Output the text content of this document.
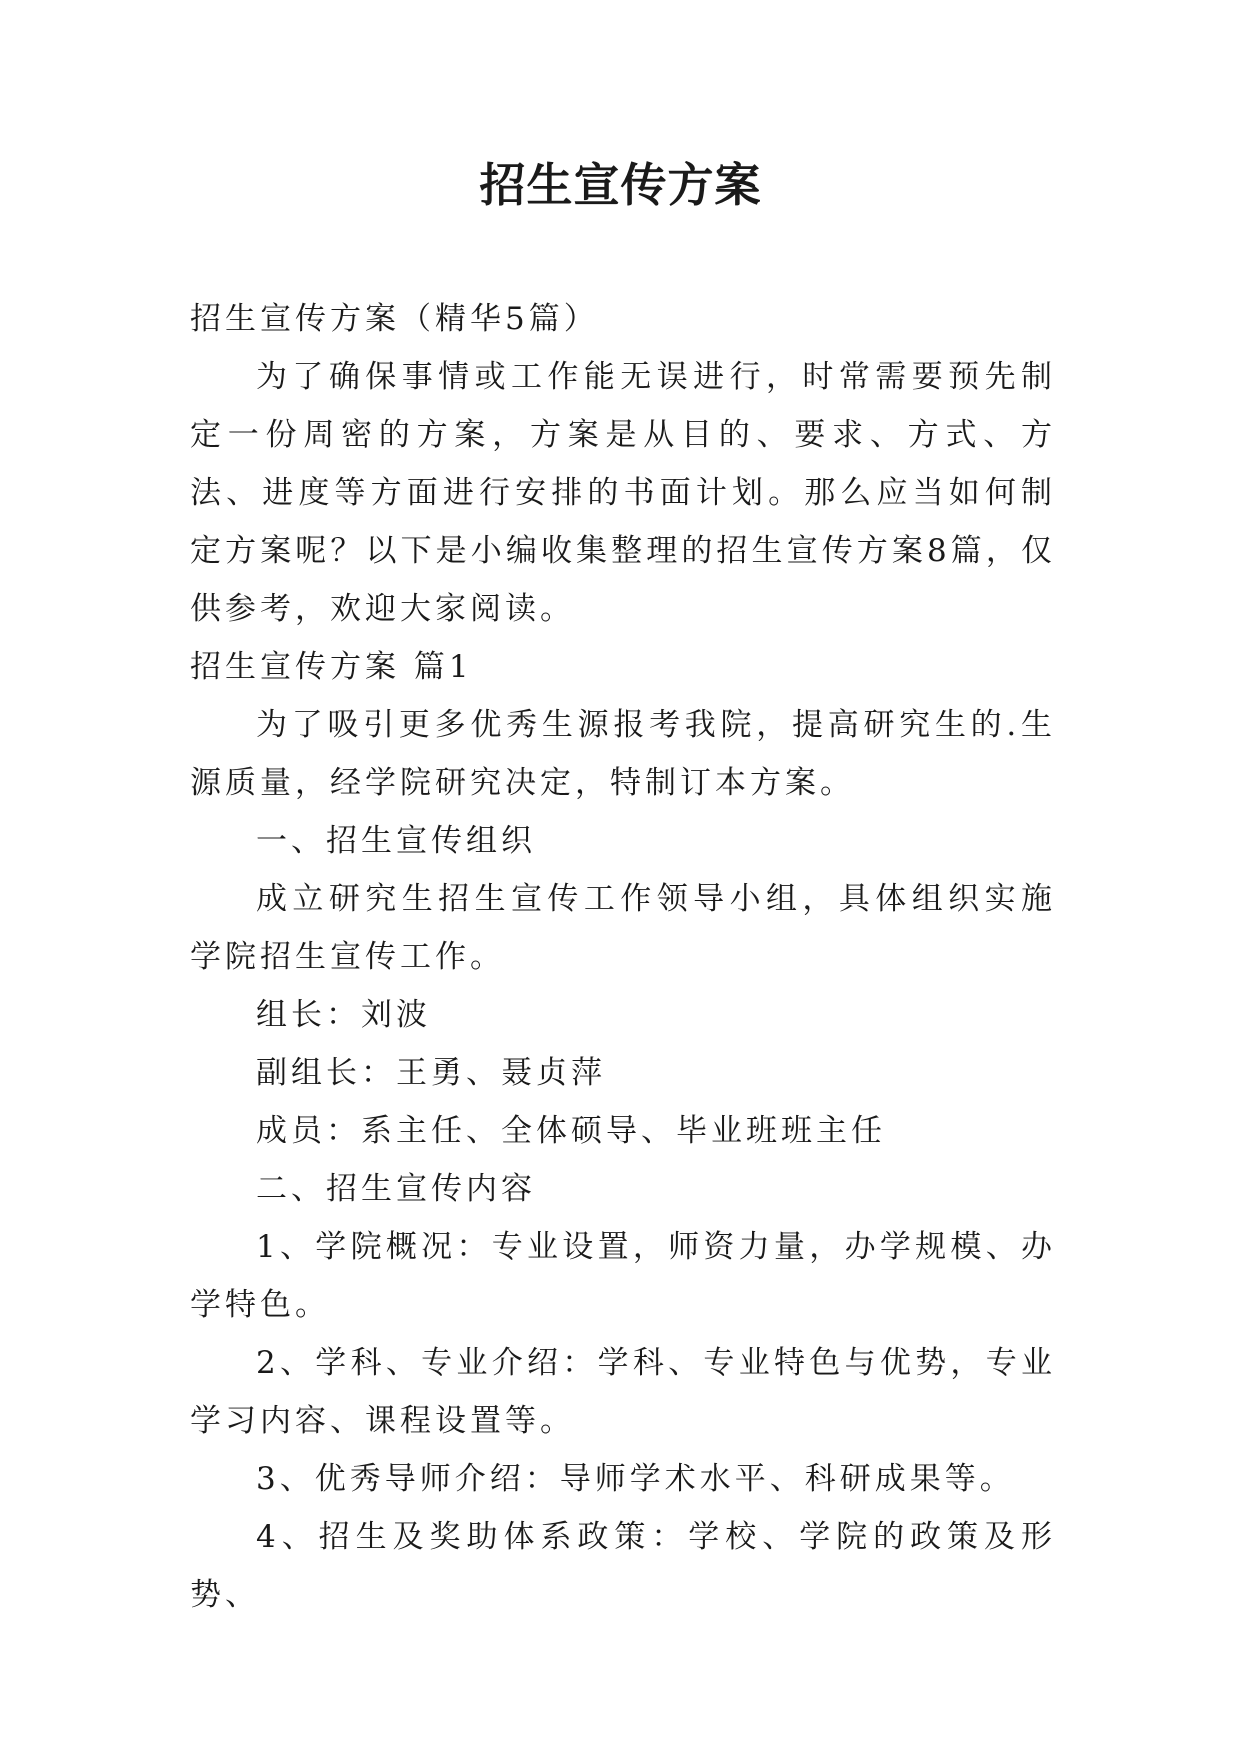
招生宣传方案

招生宣传方案（精华5篇）

为了确保事情或工作能无误进行，时常需要预先制定一份周密的方案，方案是从目的、要求、方式、方法、进度等方面进行安排的书面计划。那么应当如何制定方案呢？以下是小编收集整理的招生宣传方案8篇，仅供参考，欢迎大家阅读。

招生宣传方案 篇1

为了吸引更多优秀生源报考我院，提高研究生的.生源质量，经学院研究决定，特制订本方案。

一、招生宣传组织

成立研究生招生宣传工作领导小组，具体组织实施学院招生宣传工作。

组长：刘波

副组长：王勇、聂贞萍

成员：系主任、全体硕导、毕业班班主任

二、招生宣传内容

1、学院概况：专业设置，师资力量，办学规模、办学特色。

2、学科、专业介绍：学科、专业特色与优势，专业学习内容、课程设置等。

3、优秀导师介绍：导师学术水平、科研成果等。

4、招生及奖助体系政策：学校、学院的政策及形势、
